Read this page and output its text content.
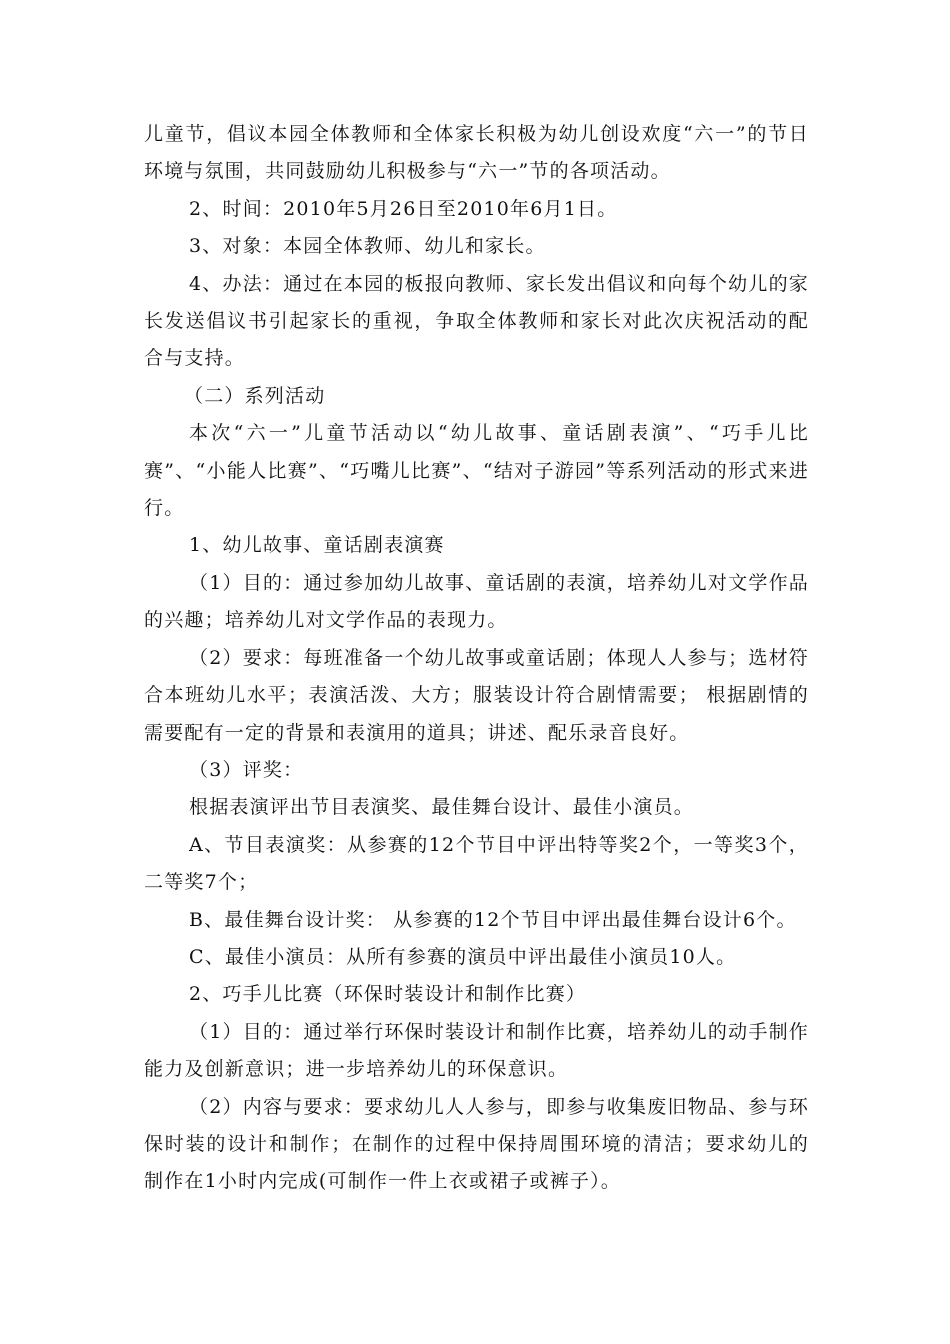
儿童节，倡议本园全体教师和全体家长积极为幼儿创设欢度“六一”的节日环境与氛围，共同鼓励幼儿积极参与“六一”节的各项活动。

2、时间：2010年5月26日至2010年6月1日。

3、对象：本园全体教师、幼儿和家长。

4、办法：通过在本园的板报向教师、家长发出倡议和向每个幼儿的家长发送倡议书引起家长的重视，争取全体教师和家长对此次庆祝活动的配合与支持。

（二）系列活动

本次“六一”儿童节活动以“幼儿故事、童话剧表演”、“巧手儿比赛”、“小能人比赛”、“巧嘴儿比赛”、“结对子游园”等系列活动的形式来进行。

1、幼儿故事、童话剧表演赛

（1）目的：通过参加幼儿故事、童话剧的表演，培养幼儿对文学作品的兴趣；培养幼儿对文学作品的表现力。

（2）要求：每班准备一个幼儿故事或童话剧；体现人人参与；选材符合本班幼儿水平；表演活泼、大方；服装设计符合剧情需要； 根据剧情的需要配有一定的背景和表演用的道具；讲述、配乐录音良好。

（3）评奖：

根据表演评出节目表演奖、最佳舞台设计、最佳小演员。

A、节目表演奖：从参赛的12个节目中评出特等奖2个，一等奖3个， 二等奖7个；

B、最佳舞台设计奖： 从参赛的12个节目中评出最佳舞台设计6个。

C、最佳小演员：从所有参赛的演员中评出最佳小演员10人。

2、巧手儿比赛（环保时装设计和制作比赛）

（1）目的：通过举行环保时装设计和制作比赛，培养幼儿的动手制作能力及创新意识；进一步培养幼儿的环保意识。

（2）内容与要求：要求幼儿人人参与，即参与收集废旧物品、参与环保时装的设计和制作；在制作的过程中保持周围环境的清洁；要求幼儿的制作在1小时内完成(可制作一件上衣或裙子或裤子）。
